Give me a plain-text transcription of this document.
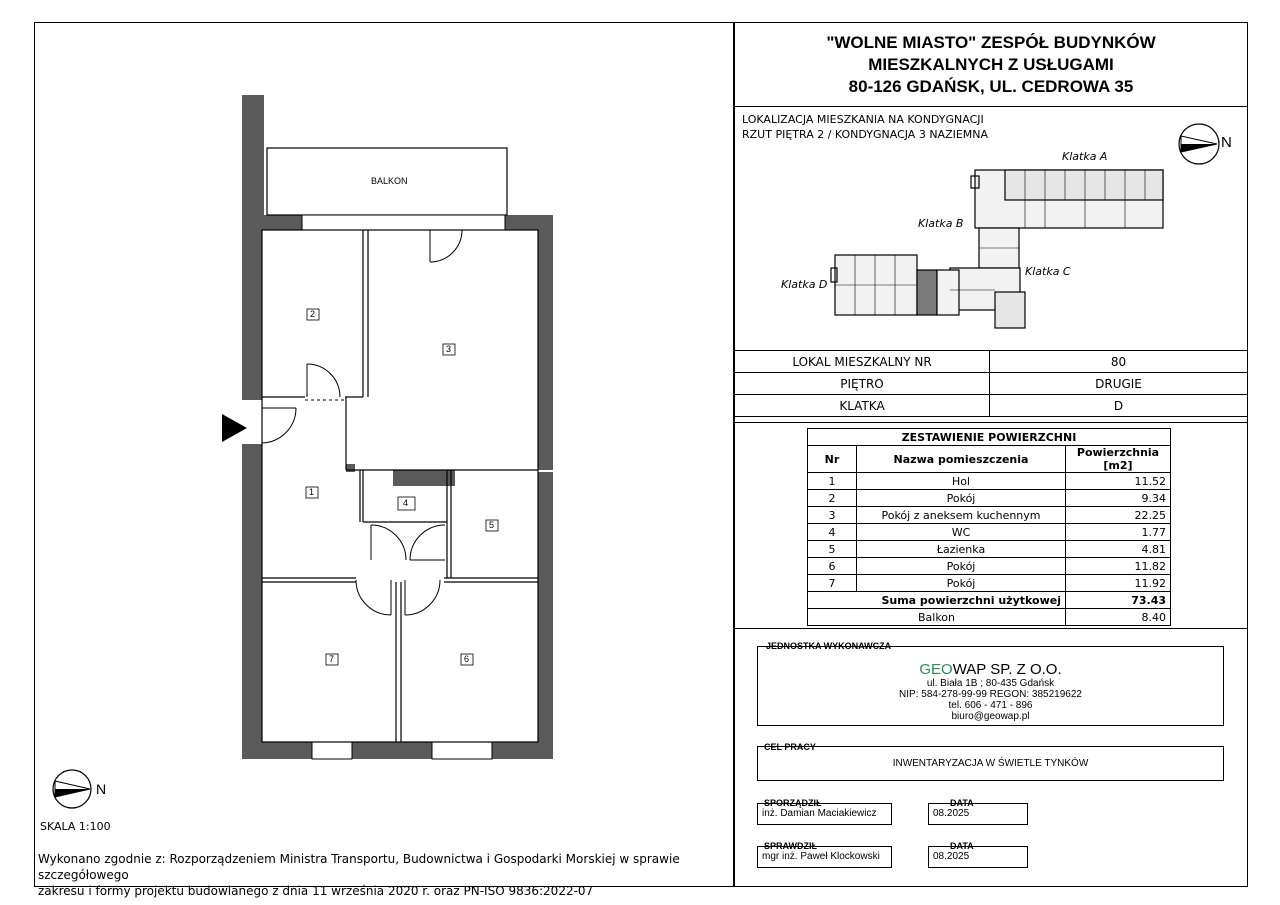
BALKON
2
3
1
4
5
6
7
N
SKALA 1:100
Wykonano zgodnie z: Rozporządzeniem Ministra Transportu, Budownictwa i Gospodarki Morskiej w sprawie szczegółowego
zakresu i formy projektu budowlanego z dnia 11 września 2020 r. oraz PN-ISO 9836:2022-07
"WOLNE MIASTO" ZESPÓŁ BUDYNKÓW
MIESZKALNYCH Z USŁUGAMI
80-126 GDAŃSK, UL. CEDROWA 35
LOKALIZACJA MIESZKANIA NA KONDYGNACJI
RZUT PIĘTRA 2 / KONDYGNACJA 3 NAZIEMNA	N
Klatka A
Klatka B
Klatka C
Klatka D
LOKAL MIESZKALNY NR	80
PIĘTRO	DRUGIE
KLATKA	D
ZESTAWIENIE POWIERZCHNI		
Nr	Nazwa pomieszczenia	Powierzchnia [m2]
1	Hol	11.52
2	Pokój	9.34
3	Pokój z aneksem kuchennym	22.25
4	WC	1.77
5	Łazienka	4.81
6	Pokój	11.82
7	Pokój	11.92
Suma powierzchni użytkowej		73.43
Balkon		8.40
JEDNOSTKA WYKONAWCZA
GEOWAP SP. Z O.O.
ul. Biała 1B ; 80-435 Gdańsk
NIP: 584-278-99-99 REGON: 385219622
tel. 606 - 471 - 896
biuro@geowap.pl
CEL PRACY
INWENTARYZACJA W ŚWIETLE TYNKÓW
SPORZĄDZIŁ
inż. Damian Maciakiewicz
DATA
08.2025
SPRAWDZIŁ
mgr inż. Paweł Klockowski
DATA
08.2025
